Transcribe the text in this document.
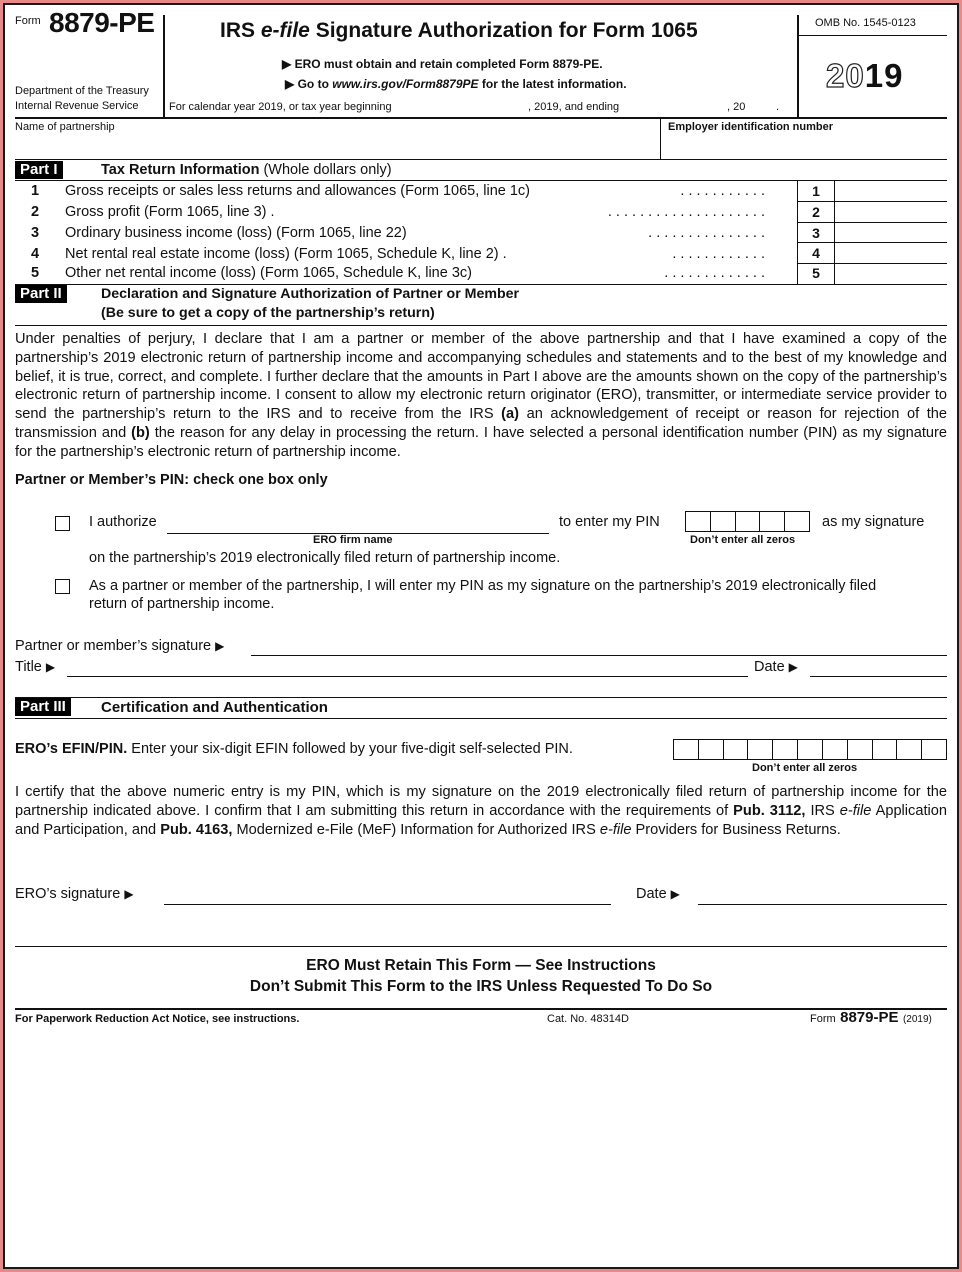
Form 8879-PE
Department of the Treasury
Internal Revenue Service
IRS e-file Signature Authorization for Form 1065
▶ ERO must obtain and retain completed Form 8879-PE.
▶ Go to www.irs.gov/Form8879PE for the latest information.
For calendar year 2019, or tax year beginning	, 2019, and ending	, 20	.
OMB No. 1545-0123
2019
Name of partnership	Employer identification number
Part I	Tax Return Information (Whole dollars only)
1 Gross receipts or sales less returns and allowances (Form 1065, line 1c)	. . . . . . . . . . .
2 Gross profit (Form 1065, line 3) .	. . . . . . . . . . . . . . . . . . . .
3 Ordinary business income (loss) (Form 1065, line 22)	. . . . . . . . . . . . . . .
4 Net rental real estate income (loss) (Form 1065, Schedule K, line 2) .	. . . . . . . . . . . .
5 Other net rental income (loss) (Form 1065, Schedule K, line 3c)	. . . . . . . . . . . . .
1
2
3
4
5
Part II	Declaration and Signature Authorization of Partner or Member
(Be sure to get a copy of the partnership’s return)
Under penalties of perjury, I declare that I am a partner or member of the above partnership and that I have examined a copy of the partnership’s 2019 electronic return of partnership income and accompanying schedules and statements and to the best of my knowledge and belief, it is true, correct, and complete. I further declare that the amounts in Part I above are the amounts shown on the copy of the partnership’s electronic return of partnership income. I consent to allow my electronic return originator (ERO), transmitter, or intermediate service provider to send the partnership’s return to the IRS and to receive from the IRS (a) an acknowledgement of receipt or reason for rejection of the transmission and (b) the reason for any delay in processing the return. I have selected a personal identification number (PIN) as my signature for the partnership’s electronic return of partnership income.
Partner or Member’s PIN: check one box only
I authorize
ERO firm name
to enter my PIN
Don’t enter all zeros
as my signature
on the partnership’s 2019 electronically filed return of partnership income.
As a partner or member of the partnership, I will enter my PIN as my signature on the partnership’s 2019 electronically filed
return of partnership income.
Partner or member’s signature ▶
Title ▶	Date ▶
Part III	Certification and Authentication
ERO’s EFIN/PIN. Enter your six-digit EFIN followed by your five-digit self-selected PIN.
Don’t enter all zeros
I certify that the above numeric entry is my PIN, which is my signature on the 2019 electronically filed return of partnership income for the partnership indicated above. I confirm that I am submitting this return in accordance with the requirements of Pub. 3112, IRS e-file Application and Participation, and Pub. 4163, Modernized e-File (MeF) Information for Authorized IRS e-file Providers for Business Returns.
ERO’s signature ▶	Date ▶
ERO Must Retain This Form — See Instructions
Don’t Submit This Form to the IRS Unless Requested To Do So
For Paperwork Reduction Act Notice, see instructions.	Cat. No. 48314D	Form 8879-PE (2019)
